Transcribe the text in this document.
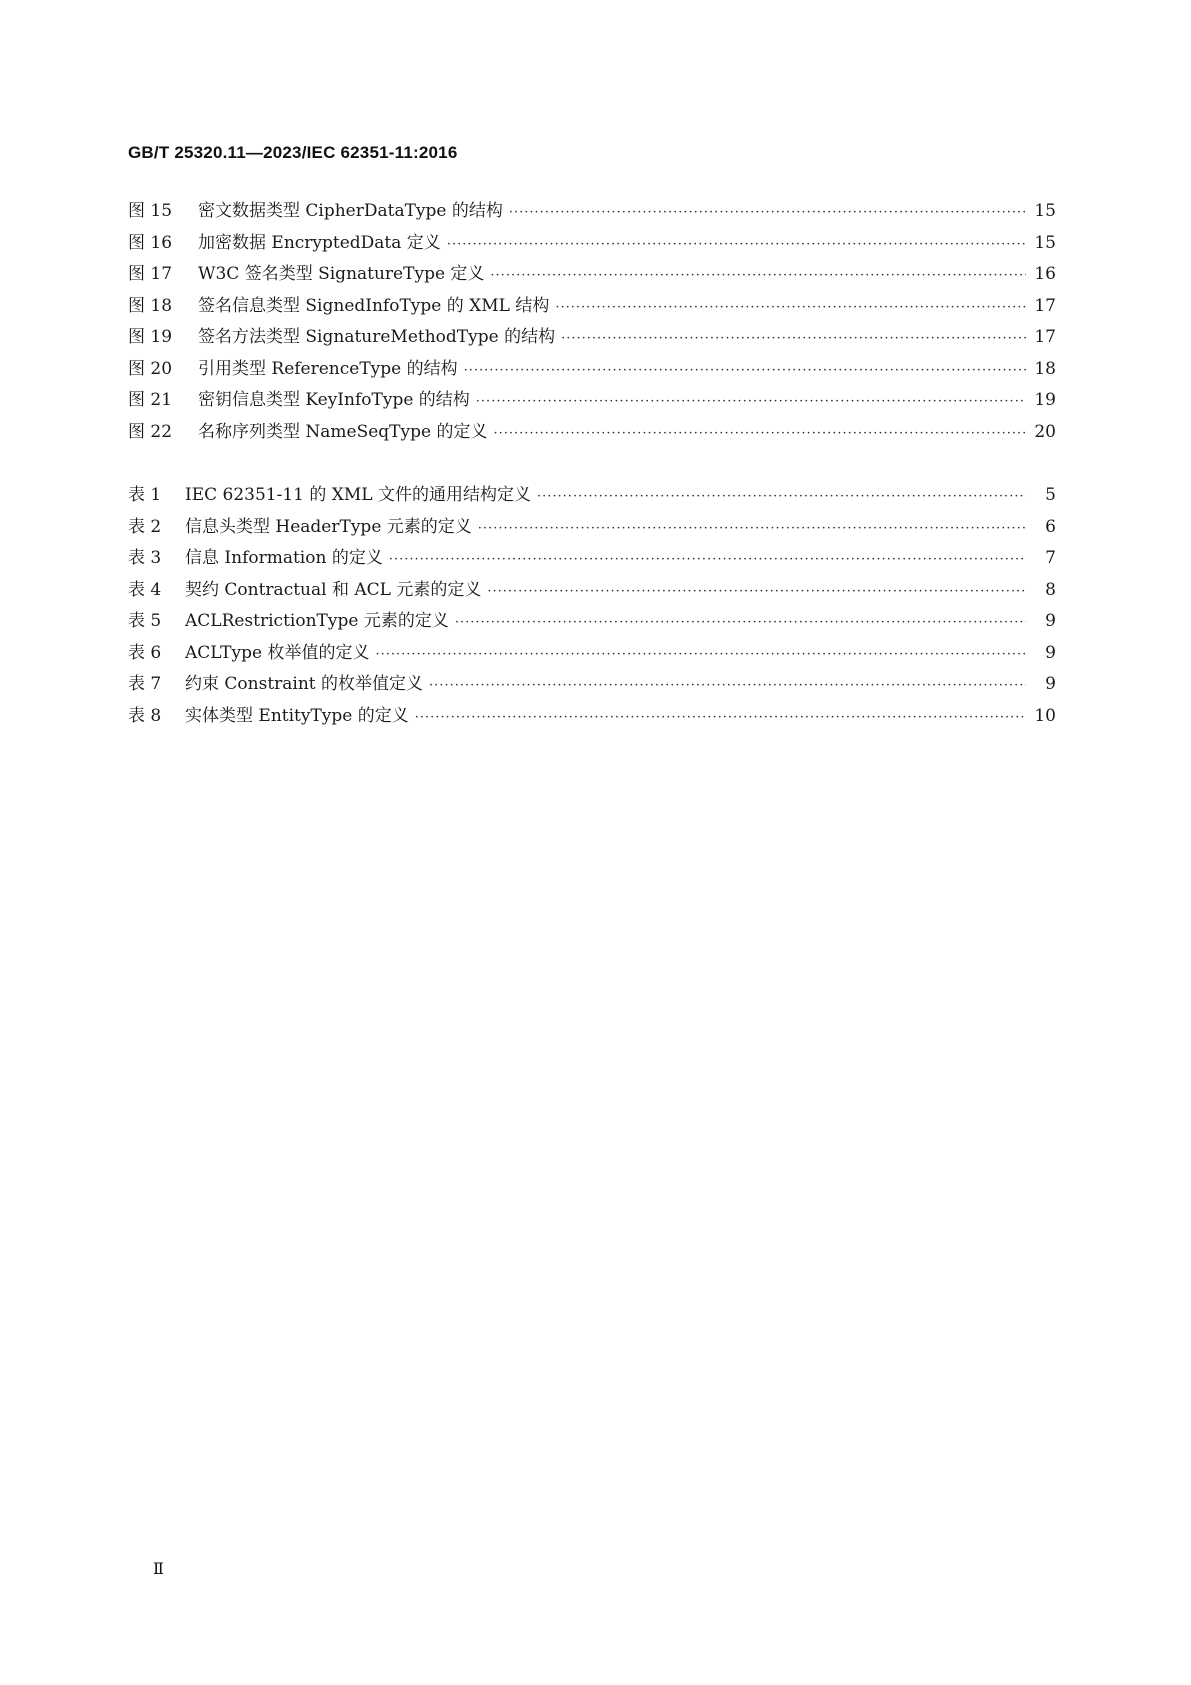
GB/T 25320.11—2023/IEC 62351-11:2016
图 15	密文数据类型 CipherDataType 的结构 ·····	15
图 16	加密数据 EncryptedData 定义 ·····	15
图 17	W3C 签名类型 SignatureType 定义 ·····	16
图 18	签名信息类型 SignedInfoType 的 XML 结构 ·····	17
图 19	签名方法类型 SignatureMethodType 的结构 ·····	17
图 20	引用类型 ReferenceType 的结构 ·····	18
图 21	密钥信息类型 KeyInfoType 的结构 ·····	19
图 22	名称序列类型 NameSeqType 的定义 ·····	20
表 1	IEC 62351-11 的 XML 文件的通用结构定义 ·····	5
表 2	信息头类型 HeaderType 元素的定义 ·····	6
表 3	信息 Information 的定义 ·····	7
表 4	契约 Contractual 和 ACL 元素的定义 ·····	8
表 5	ACLRestrictionType 元素的定义 ·····	9
表 6	ACLType 枚举值的定义 ·····	9
表 7	约束 Constraint 的枚举值定义 ·····	9
表 8	实体类型 EntityType 的定义 ·····	10
Ⅱ
